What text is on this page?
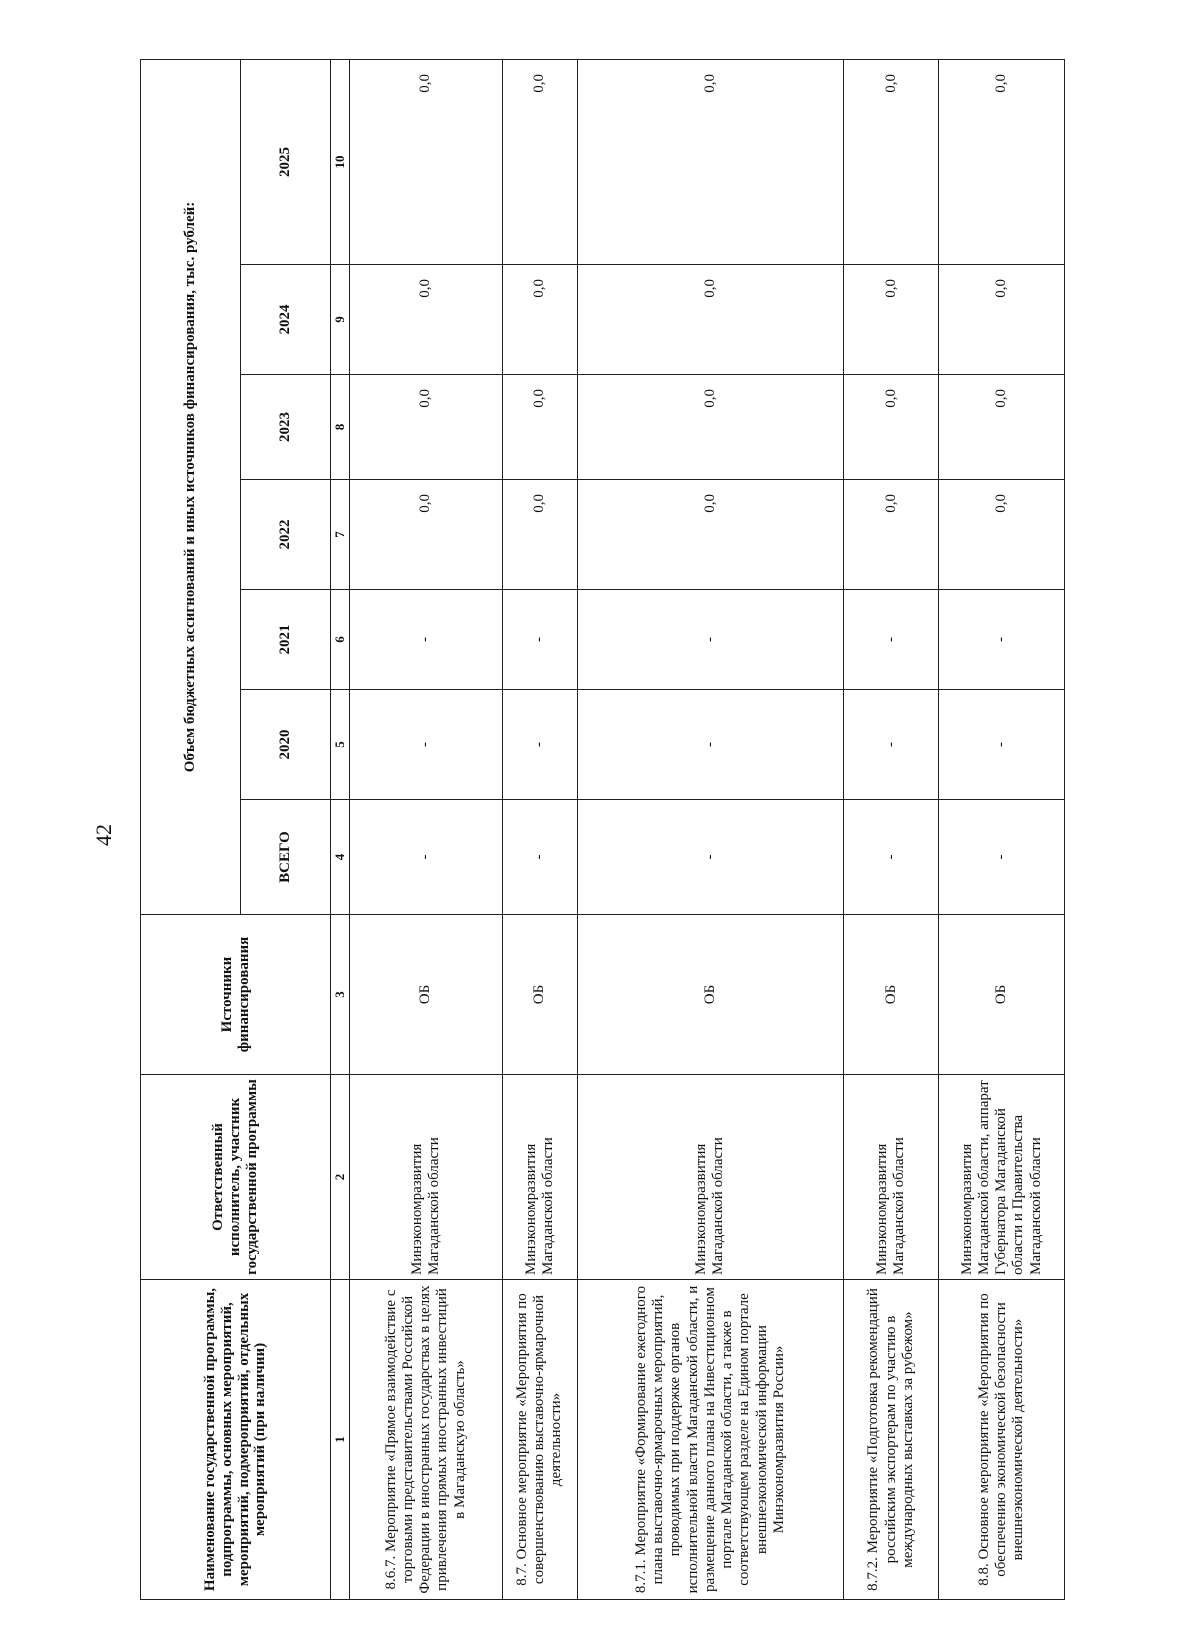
42
Наименование государственной программы, подпрограммы, основных мероприятий, мероприятий, подмероприятий, отдельных мероприятий (при наличии)	Ответственный исполнитель, участник государственной программы	Источники финансирования	Объем бюджетных ассигнований и иных источников финансирования, тыс. рублей:						
			ВСЕГО	2020	2021	2022	2023	2024	2025
1	2	3	4	5	6	7	8	9	10
8.6.7. Мероприятие «Прямое взаимодействие с торговыми представительствами Российской Федерации в иностранных государствах в целях привлечения прямых иностранных инвестиций в Магаданскую область»	Минэкономразвития Магаданской области	ОБ	-	-	-	0,0	0,0	0,0	0,0
8.7. Основное мероприятие «Мероприятия по совершенствованию выставочно-ярмарочной деятельности»	Минэкономразвития Магаданской области	ОБ	-	-	-	0,0	0,0	0,0	0,0
8.7.1. Мероприятие «Формирование ежегодного плана выставочно-ярмарочных мероприятий, проводимых при поддержке органов исполнительной власти Магаданской области, и размещение данного плана на Инвестиционном портале Магаданской области, а также в соответствующем разделе на Едином портале внешнеэкономической информации Минэкономразвития России»	Минэкономразвития Магаданской области	ОБ	-	-	-	0,0	0,0	0,0	0,0
8.7.2. Мероприятие «Подготовка рекомендаций российским экспортерам по участию в международных выставках за рубежом»	Минэкономразвития Магаданской области	ОБ	-	-	-	0,0	0,0	0,0	0,0
8.8. Основное мероприятие «Мероприятия по обеспечению экономической безопасности внешнеэкономической деятельности»	Минэкономразвития Магаданской области, аппарат Губернатора Магаданской области и Правительства Магаданской области	ОБ	-	-	-	0,0	0,0	0,0	0,0
